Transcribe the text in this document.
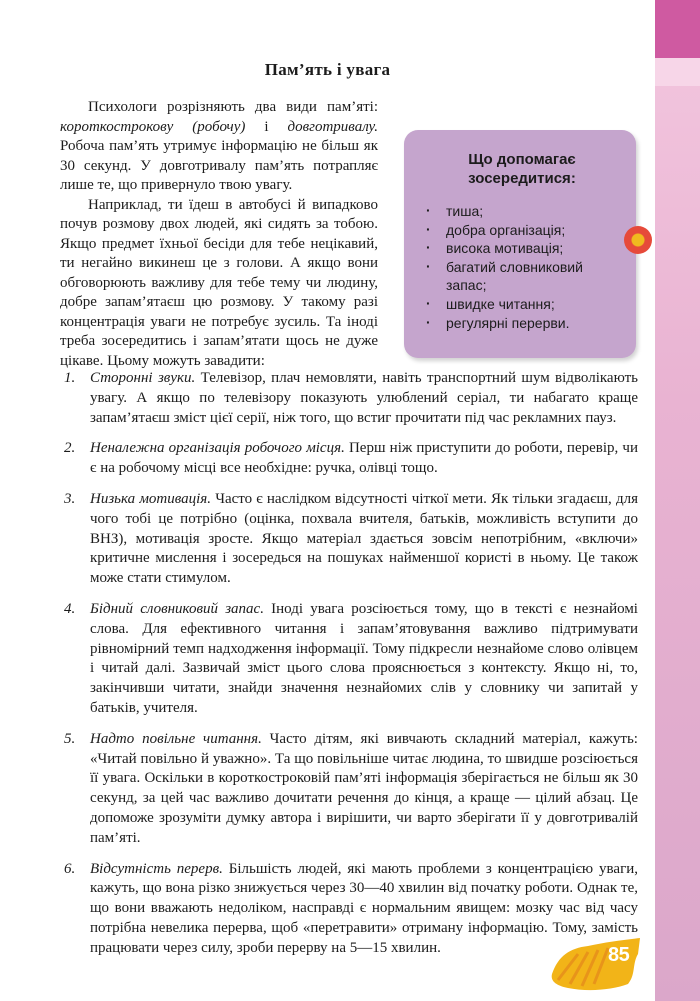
Пам’ять і увага

Психологи розрізняють два види пам’яті: короткострокову (робочу) і довготривалу. Робоча пам’ять утримує інформацію не більш як 30 секунд. У довготривалу пам’ять потрапляє лише те, що привернуло твою увагу.

Наприклад, ти їдеш в автобусі й випадково почув розмову двох людей, які сидять за тобою. Якщо предмет їхньої бесіди для тебе нецікавий, ти негайно викинеш це з голови. А якщо вони обговорюють важливу для тебе тему чи людину, добре запам’ятаєш цю розмову. У такому разі концентрація уваги не потребує зусиль. Та іноді треба зосередитись і запам’ятати щось не дуже цікаве. Цьому можуть завадити:

Що допомагає
зосередитися:
· тиша;
· добра організація;
· висока мотивація;
· багатий словниковий запас;
· швидке читання;
· регулярні перерви.
1. Сторонні звуки. Телевізор, плач немовляти, навіть транспортний шум відволікають увагу. А якщо по телевізору показують улюблений серіал, ти набагато краще запам’ятаєш зміст цієї серії, ніж того, що встиг прочитати під час рекламних пауз.
2. Неналежна організація робочого місця. Перш ніж приступити до роботи, перевір, чи є на робочому місці все необхідне: ручка, олівці тощо.
3. Низька мотивація. Часто є наслідком відсутності чіткої мети. Як тільки згадаєш, для чого тобі це потрібно (оцінка, похвала вчителя, батьків, можливість вступити до ВНЗ), мотивація зросте. Якщо матеріал здається зовсім непотрібним, «включи» критичне мислення і зосередься на пошуках найменшої користі в ньому. Це також може стати стимулом.
4. Бідний словниковий запас. Іноді увага розсіюється тому, що в тексті є незнайомі слова. Для ефективного читання і запам’ятовування важливо підтримувати рівномірний темп надходження інформації. Тому підкресли незнайоме слово олівцем і читай далі. Зазвичай зміст цього слова прояснюється з контексту. Якщо ні, то, закінчивши читати, знайди значення незнайомих слів у словнику чи запитай у батьків, учителя.
5. Надто повільне читання. Часто дітям, які вивчають складний матеріал, кажуть: «Читай повільно й уважно». Та що повільніше читає людина, то швидше розсіюється її увага. Оскільки в короткостроковій пам’яті інформація зберігається не більш як 30 секунд, за цей час важливо дочитати речення до кінця, а краще — цілий абзац. Це допоможе зрозуміти думку автора і вирішити, чи варто зберігати її у довготривалій пам’яті.
6. Відсутність перерв. Більшість людей, які мають проблеми з концентрацією уваги, кажуть, що вона різко знижується через 30—40 хвилин від початку роботи. Однак те, що вони вважають недоліком, насправді є нормальним явищем: мозку час від часу потрібна невелика перерва, щоб «перетравити» отриману інформацію. Тому, замість працювати через силу, зроби перерву на 5—15 хвилин.	85
